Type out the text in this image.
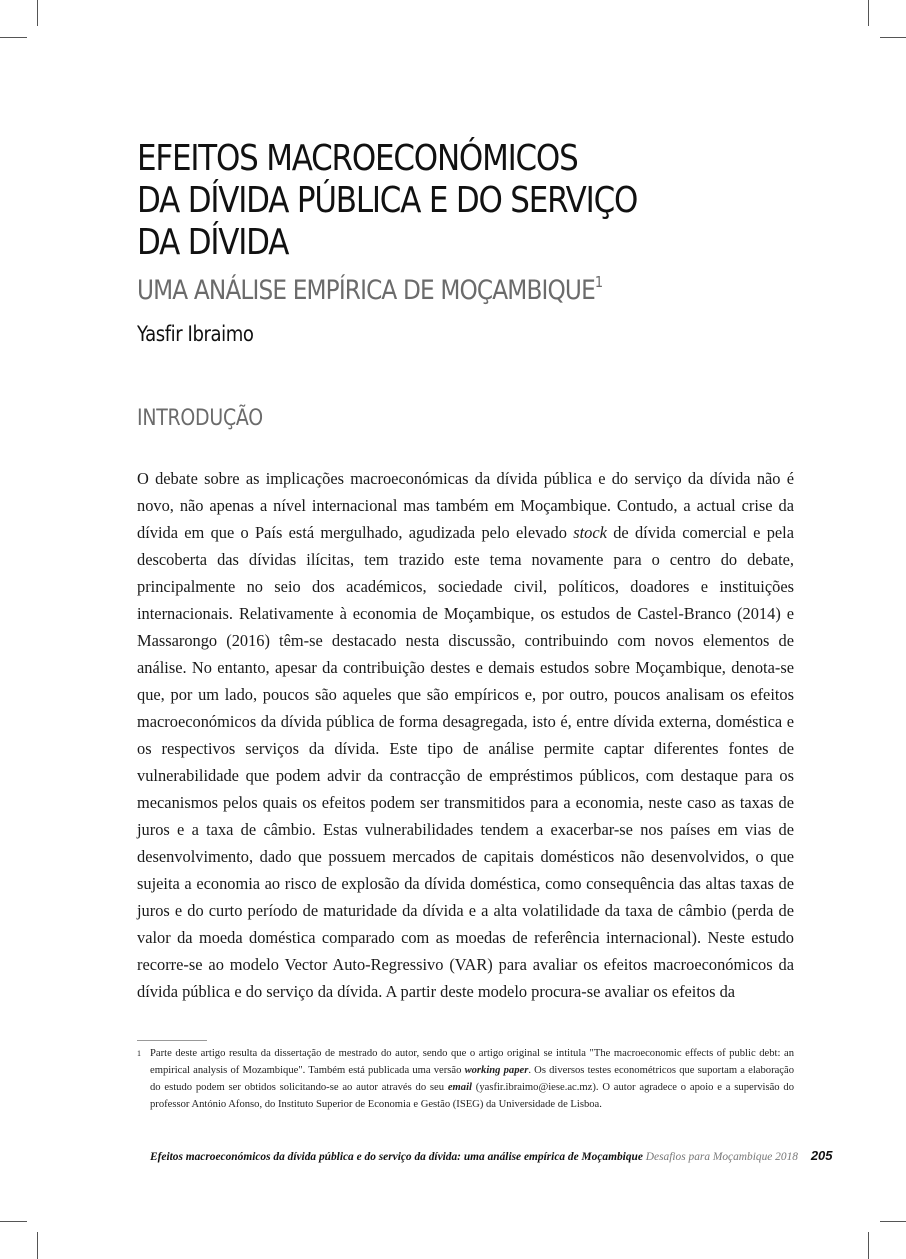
EFEITOS MACROECONÓMICOS
DA DÍVIDA PÚBLICA E DO SERVIÇO
DA DÍVIDA
UMA ANÁLISE EMPÍRICA DE MOÇAMBIQUE$^1$
Yasfir Ibraimo
INTRODUÇÃO

O debate sobre as implicações macroeconómicas da dívida pública e do serviço da dívida não é novo, não apenas a nível internacional mas também em Moçambique. Contudo, a actual crise da dívida em que o País está mergulhado, agudizada pelo elevado stock de dívida comercial e pela descoberta das dívidas ilícitas, tem trazido este tema novamente para o centro do debate, principalmente no seio dos académicos, sociedade civil, políticos, doadores e instituições internacionais. Relativamente à economia de Moçambique, os estudos de Castel-Branco (2014) e Massarongo (2016) têm-se destacado nesta discussão, contribuindo com novos elementos de análise. No entanto, apesar da contribuição destes e demais estudos sobre Moçambique, denota-se que, por um lado, poucos são aqueles que são empíricos e, por outro, poucos analisam os efeitos macroeconómicos da dívida pública de forma desagregada, isto é, entre dívida externa, doméstica e os respectivos serviços da dívida. Este tipo de análise permite captar diferentes fontes de vulnerabilidade que podem advir da contracção de empréstimos públicos, com destaque para os mecanismos pelos quais os efeitos podem ser transmitidos para a economia, neste caso as taxas de juros e a taxa de câmbio. Estas vulnerabilidades tendem a exacerbar-se nos países em vias de desenvolvimento, dado que possuem mercados de capitais domésticos não desenvolvidos, o que sujeita a economia ao risco de explosão da dívida doméstica, como consequência das altas taxas de juros e do curto período de maturidade da dívida e a alta volatilidade da taxa de câmbio (perda de valor da moeda doméstica comparado com as moedas de referência internacional). Neste estudo recorre-se ao modelo Vector Auto-Regressivo (VAR) para avaliar os efeitos macroeconómicos da dívida pública e do serviço da dívida. A partir deste modelo procura-se avaliar os efeitos da

1 Parte deste artigo resulta da dissertação de mestrado do autor, sendo que o artigo original se intitula "The macroeconomic effects of public debt: an empirical analysis of Mozambique". Também está publicada uma versão working paper. Os diversos testes econométricos que suportam a elaboração do estudo podem ser obtidos solicitando-se ao autor através do seu email (yasfir.ibraimo@iese.ac.mz). O autor agradece o apoio e a supervisão do professor António Afonso, do Instituto Superior de Economia e Gestão (ISEG) da Universidade de Lisboa.
Efeitos macroeconómicos da dívida pública e do serviço da dívida: uma análise empírica de Moçambique Desafios para Moçambique 2018 205
